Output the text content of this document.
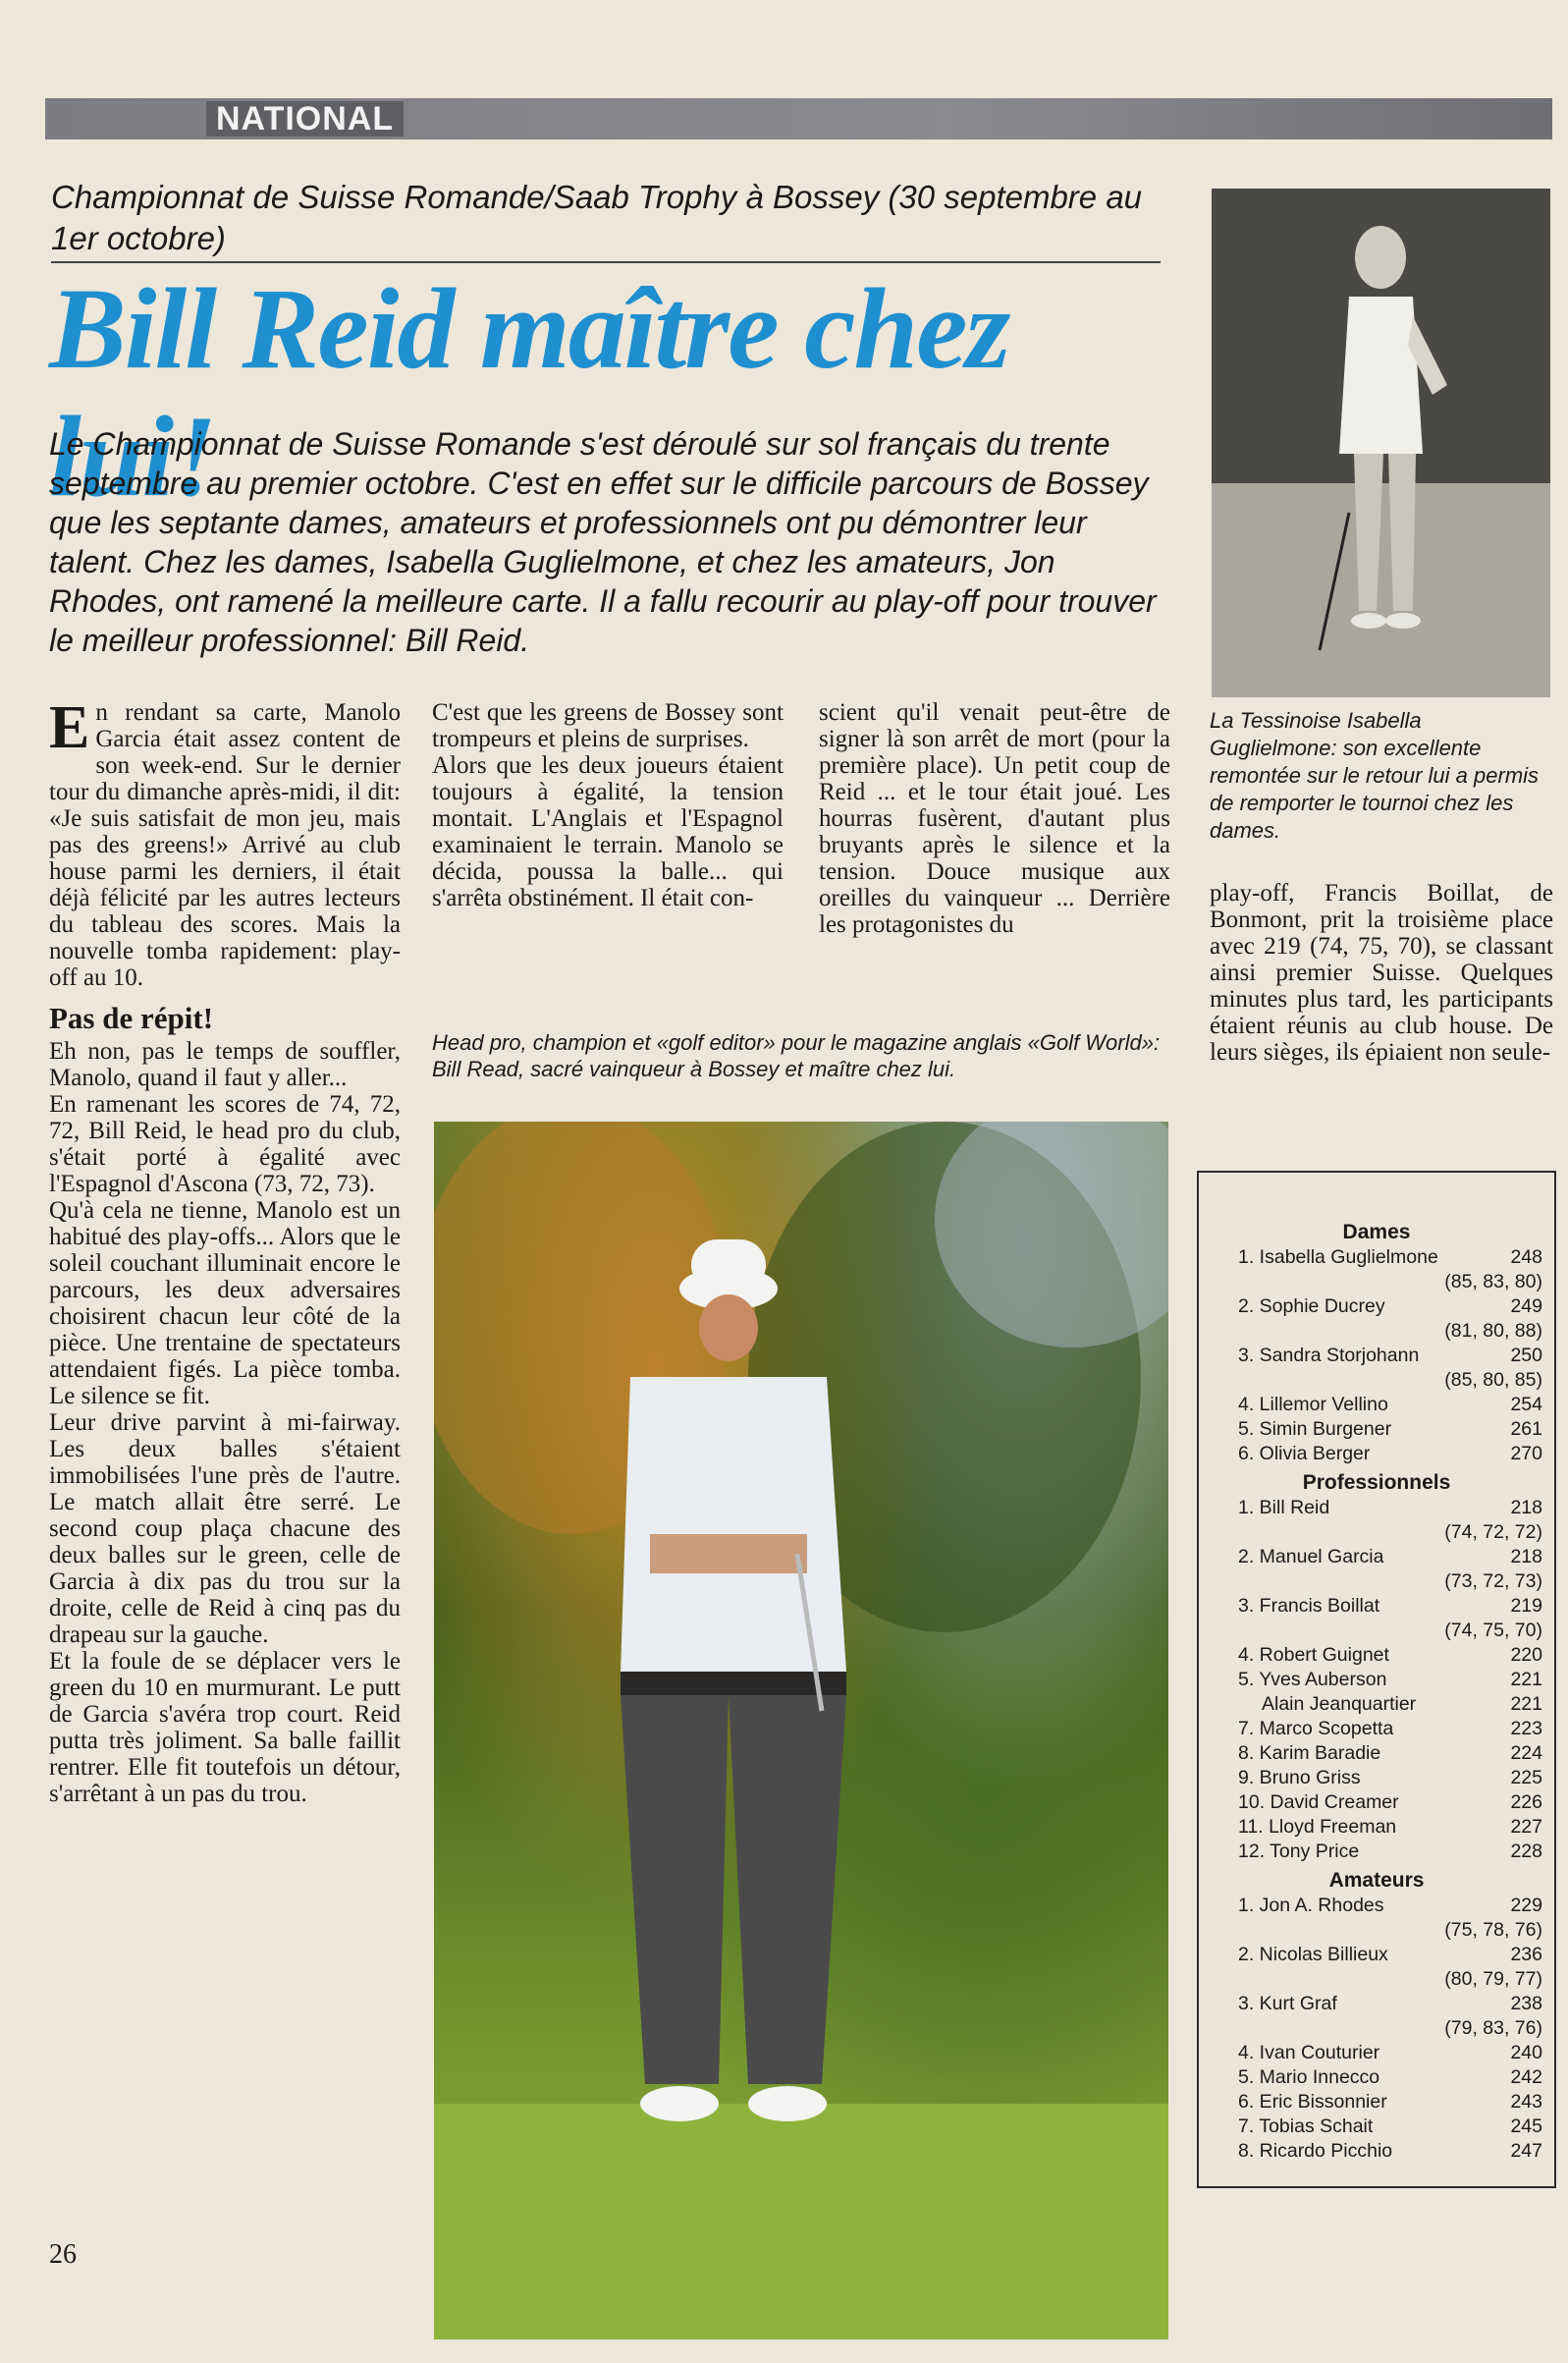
NATIONAL
Championnat de Suisse Romande/Saab Trophy à Bossey (30 septembre au 1er octobre)
Bill Reid maître chez lui!
Le Championnat de Suisse Romande s'est déroulé sur sol français du trente septembre au premier octobre. C'est en effet sur le difficile parcours de Bossey que les septante dames, amateurs et professionnels ont pu démontrer leur talent. Chez les dames, Isabella Guglielmone, et chez les amateurs, Jon Rhodes, ont ramené la meilleure carte. Il a fallu recourir au play-off pour trouver le meilleur professionnel: Bill Reid.
La Tessinoise Isabella Guglielmone: son excellente remontée sur le retour lui a permis de remporter le tournoi chez les dames.

En rendant sa carte, Manolo Garcia était assez content de son week-end. Sur le dernier tour du dimanche après-midi, il dit: «Je suis satisfait de mon jeu, mais pas des greens!» Arrivé au club house parmi les derniers, il était déjà félicité par les autres lecteurs du tableau des scores. Mais la nouvelle tomba rapidement: play-off au 10.

Pas de répit!

Eh non, pas le temps de souffler, Manolo, quand il faut y aller...

En ramenant les scores de 74, 72, 72, Bill Reid, le head pro du club, s'était porté à égalité avec l'Espagnol d'Ascona (73, 72, 73).

Qu'à cela ne tienne, Manolo est un habitué des play-offs... Alors que le soleil couchant illuminait encore le parcours, les deux adversaires choisirent chacun leur côté de la pièce. Une trentaine de spectateurs attendaient figés. La pièce tomba. Le silence se fit.

Leur drive parvint à mi-fairway. Les deux balles s'étaient immobilisées l'une près de l'autre. Le match allait être serré. Le second coup plaça chacune des deux balles sur le green, celle de Garcia à dix pas du trou sur la droite, celle de Reid à cinq pas du drapeau sur la gauche.

Et la foule de se déplacer vers le green du 10 en murmurant. Le putt de Garcia s'avéra trop court. Reid putta très joliment. Sa balle faillit rentrer. Elle fit toutefois un détour, s'arrêtant à un pas du trou.

C'est que les greens de Bossey sont trompeurs et pleins de surprises.

Alors que les deux joueurs étaient toujours à égalité, la tension montait. L'Anglais et l'Espagnol examinaient le terrain. Manolo se décida, poussa la balle... qui s'arrêta obstinément. Il était con-

scient qu'il venait peut-être de signer là son arrêt de mort (pour la première place). Un petit coup de Reid ... et le tour était joué. Les hourras fusèrent, d'autant plus bruyants après le silence et la tension. Douce musique aux oreilles du vainqueur ... Derrière les protagonistes du

play-off, Francis Boillat, de Bonmont, prit la troisième place avec 219 (74, 75, 70), se classant ainsi premier Suisse. Quelques minutes plus tard, les participants étaient réunis au club house. De leurs sièges, ils épiaient non seule-

Head pro, champion et «golf editor» pour le magazine anglais «Golf World»: Bill Read, sacré vainqueur à Bossey et maître chez lui.
Dames
1. Isabella Guglielmone	248
(85, 83, 80)
2. Sophie Ducrey	249
(81, 80, 88)
3. Sandra Storjohann	250
(85, 80, 85)
4. Lillemor Vellino	254
5. Simin Burgener	261
6. Olivia Berger	270
Professionnels
1. Bill Reid	218
(74, 72, 72)
2. Manuel Garcia	218
(73, 72, 73)
3. Francis Boillat	219
(74, 75, 70)
4. Robert Guignet	220
5. Yves Auberson	221
Alain Jeanquartier	221
7. Marco Scopetta	223
8. Karim Baradie	224
9. Bruno Griss	225
10. David Creamer	226
11. Lloyd Freeman	227
12. Tony Price	228
Amateurs
1. Jon A. Rhodes	229
(75, 78, 76)
2. Nicolas Billieux	236
(80, 79, 77)
3. Kurt Graf	238
(79, 83, 76)
4. Ivan Couturier	240
5. Mario Innecco	242
6. Eric Bissonnier	243
7. Tobias Schait	245
8. Ricardo Picchio	247
26
